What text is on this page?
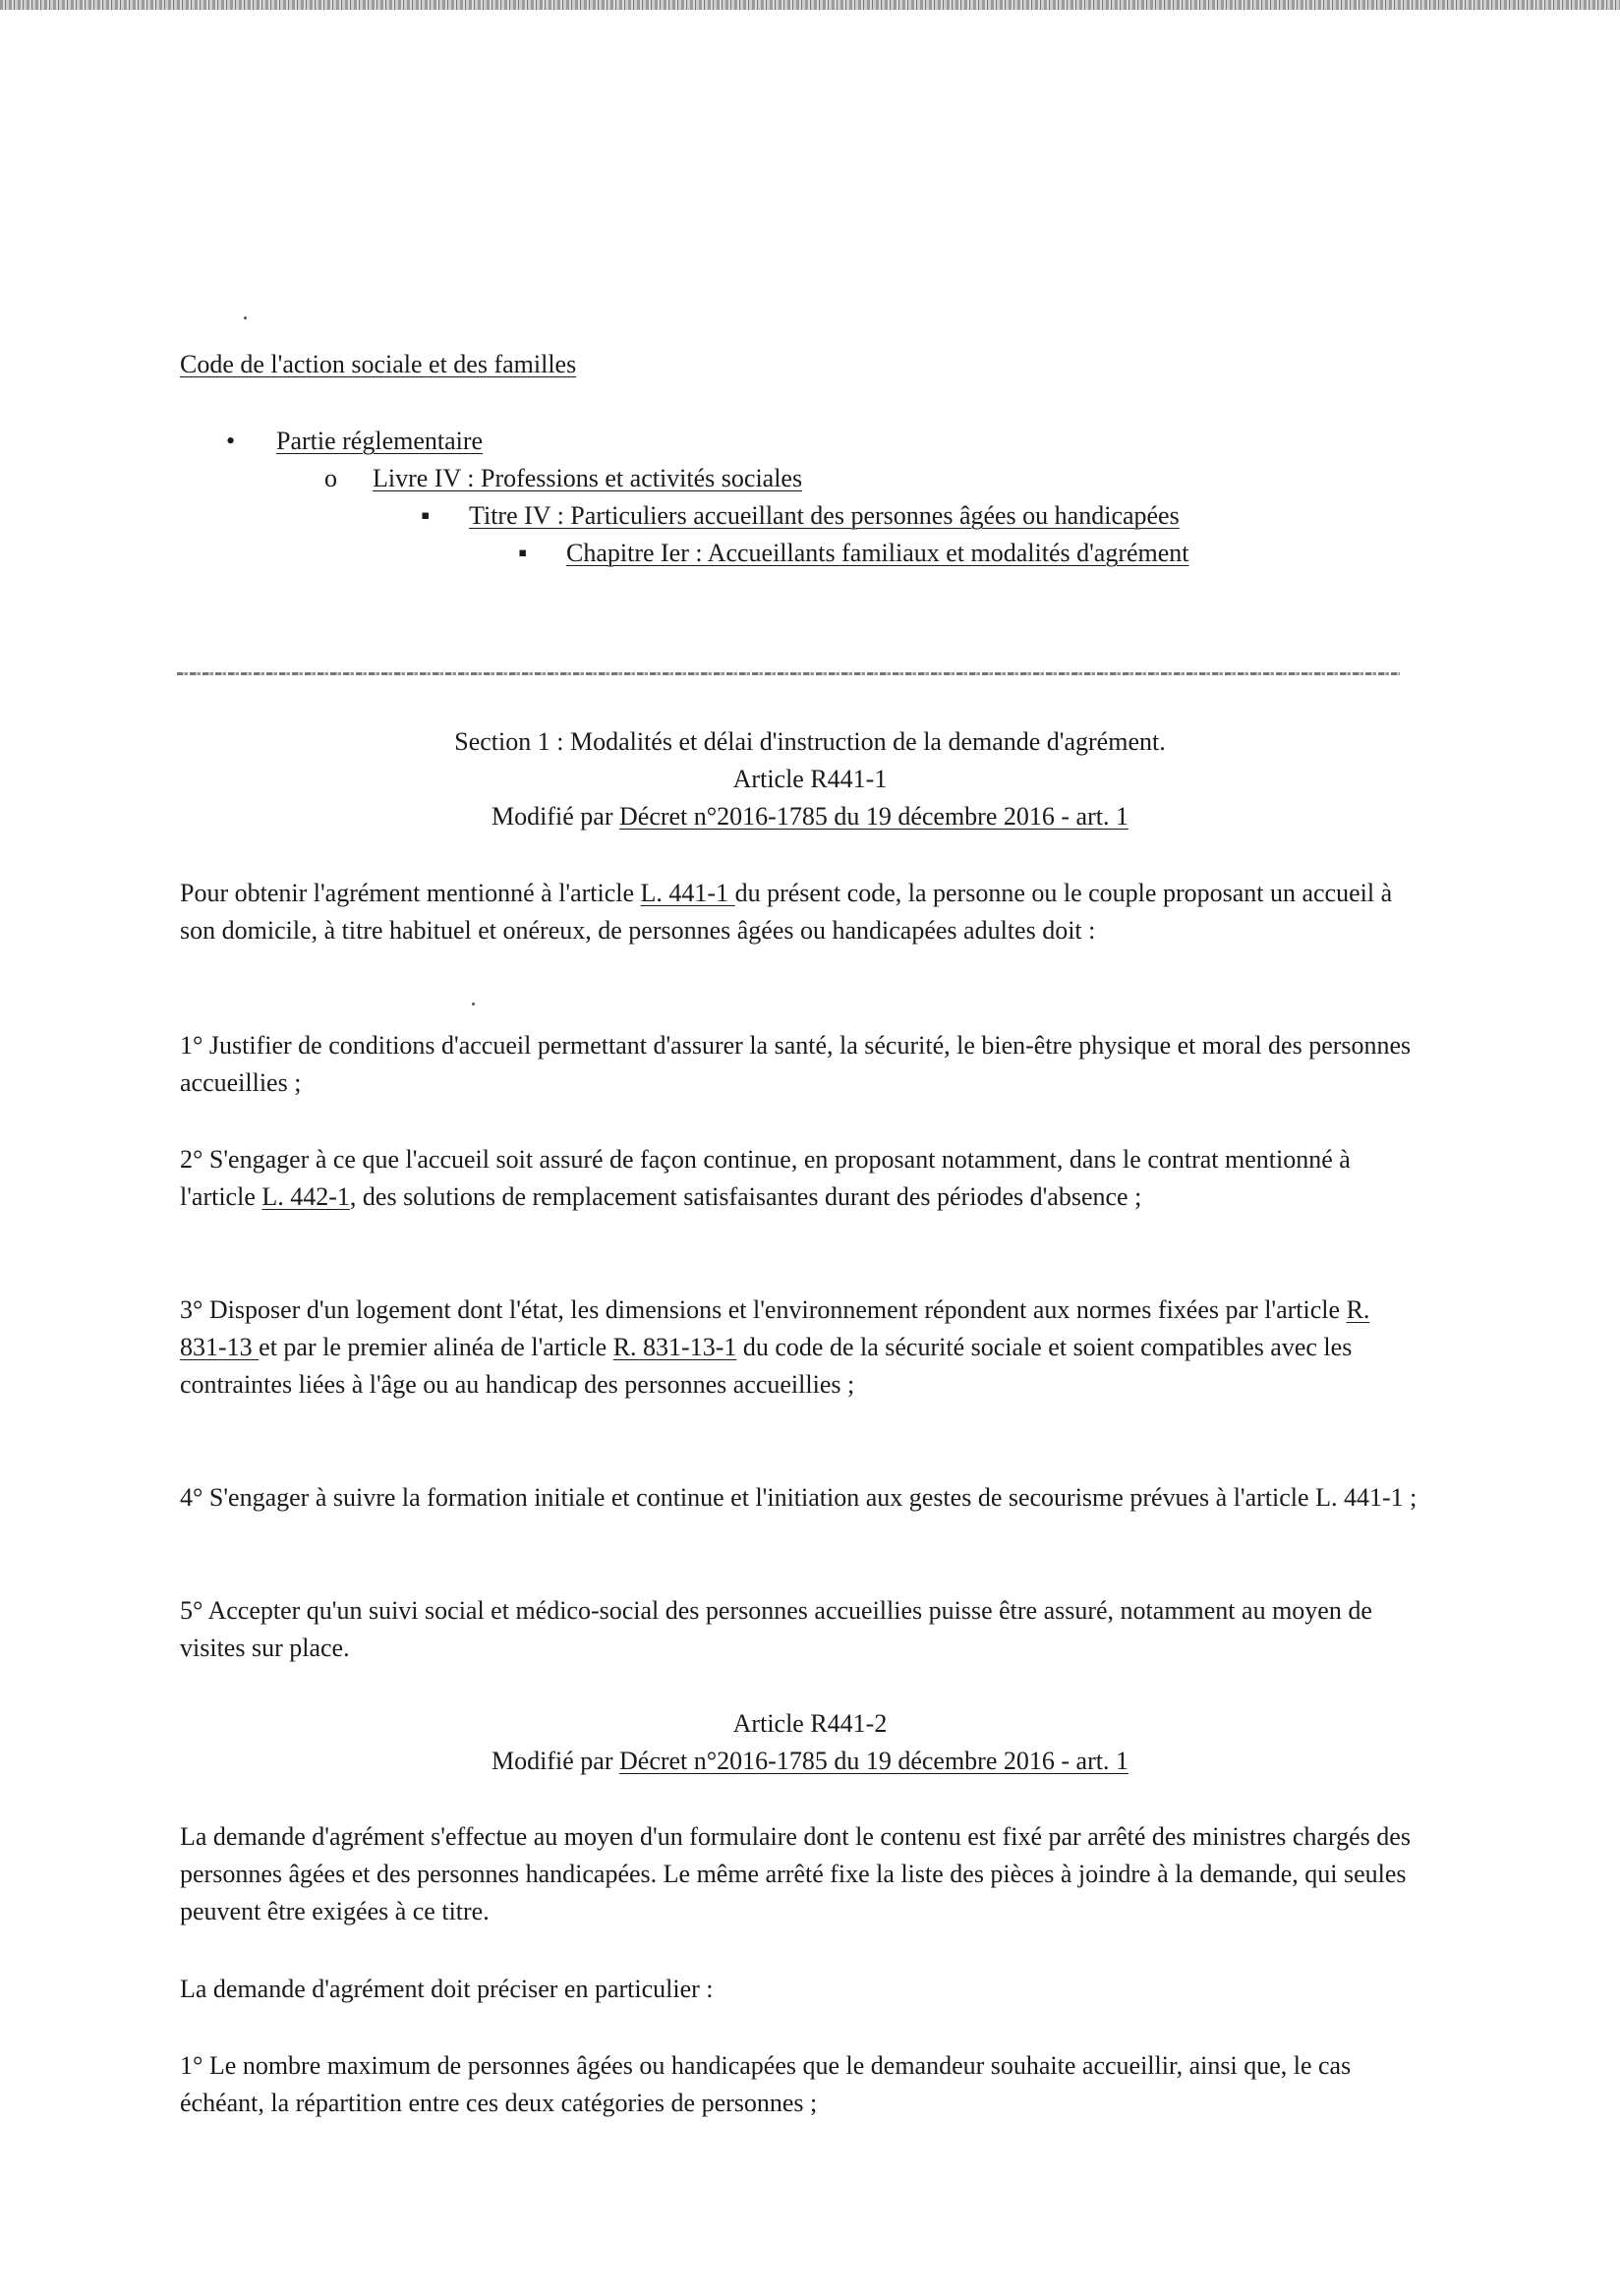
Code de l'action sociale et des familles
• Partie réglementaire
o Livre IV : Professions et activités sociales
▪ Titre IV : Particuliers accueillant des personnes âgées ou handicapées
▪ Chapitre Ier : Accueillants familiaux et modalités d'agrément
Section 1 : Modalités et délai d'instruction de la demande d'agrément.
Article R441-1
Modifié par Décret n°2016-1785 du 19 décembre 2016 - art. 1

Pour obtenir l'agrément mentionné à l'article L. 441-1 du présent code, la personne ou le couple proposant un accueil à son domicile, à titre habituel et onéreux, de personnes âgées ou handicapées adultes doit :

1° Justifier de conditions d'accueil permettant d'assurer la santé, la sécurité, le bien-être physique et moral des personnes accueillies ;

2° S'engager à ce que l'accueil soit assuré de façon continue, en proposant notamment, dans le contrat mentionné à l'article L. 442-1, des solutions de remplacement satisfaisantes durant des périodes d'absence ;

3° Disposer d'un logement dont l'état, les dimensions et l'environnement répondent aux normes fixées par l'article R. 831-13 et par le premier alinéa de l'article R. 831-13-1 du code de la sécurité sociale et soient compatibles avec les contraintes liées à l'âge ou au handicap des personnes accueillies ;

4° S'engager à suivre la formation initiale et continue et l'initiation aux gestes de secourisme prévues à l'article L. 441-1 ;

5° Accepter qu'un suivi social et médico-social des personnes accueillies puisse être assuré, notamment au moyen de visites sur place.

Article R441-2
Modifié par Décret n°2016-1785 du 19 décembre 2016 - art. 1

La demande d'agrément s'effectue au moyen d'un formulaire dont le contenu est fixé par arrêté des ministres chargés des personnes âgées et des personnes handicapées. Le même arrêté fixe la liste des pièces à joindre à la demande, qui seules peuvent être exigées à ce titre.

La demande d'agrément doit préciser en particulier :

1° Le nombre maximum de personnes âgées ou handicapées que le demandeur souhaite accueillir, ainsi que, le cas échéant, la répartition entre ces deux catégories de personnes ;
